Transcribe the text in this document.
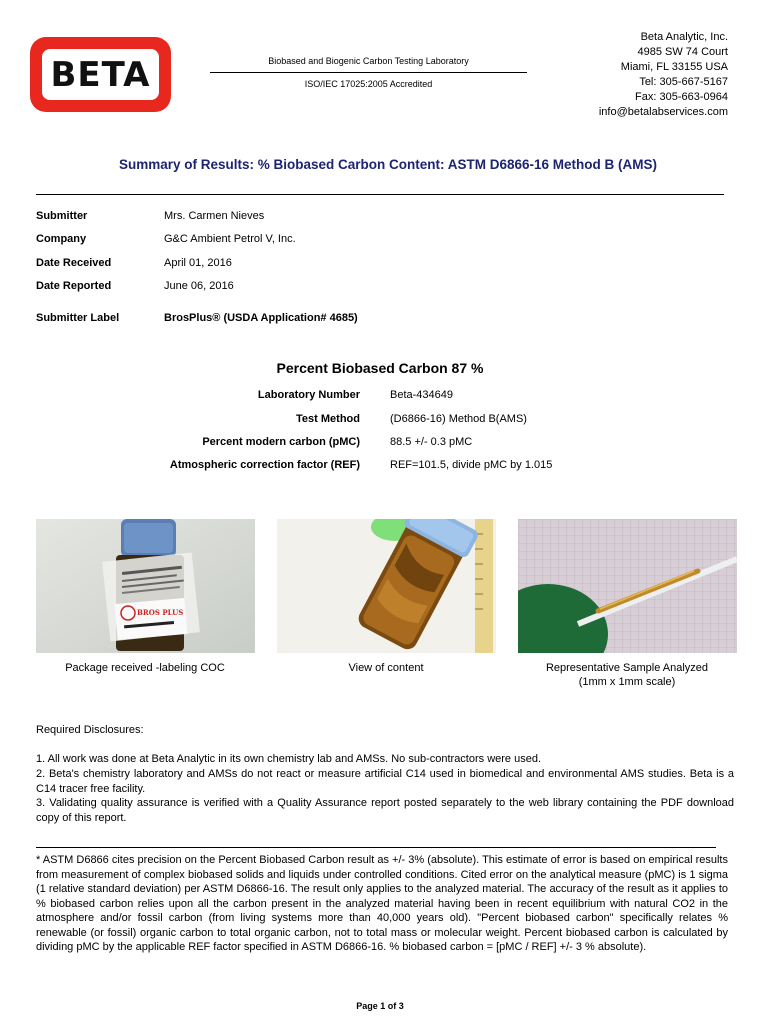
BETA	Biobased and Biogenic Carbon Testing Laboratory
ISO/IEC 17025:2005 Accredited
Beta Analytic, Inc.
4985 SW 74 Court
Miami, FL 33155 USA
Tel: 305-667-5167
Fax: 305-663-0964
info@betalabservices.com
Summary of Results: % Biobased Carbon Content: ASTM D6866-16 Method B (AMS)
Submitter	Mrs. Carmen Nieves
Company	G&C Ambient Petrol V, Inc.
Date Received	April 01, 2016
Date Reported	June 06, 2016
Submitter Label	BrosPlus® (USDA Application# 4685)
Percent Biobased Carbon 87 %
Laboratory Number	Beta-434649
Test Method	(D6866-16) Method B(AMS)
Percent modern carbon (pMC)	88.5 +/- 0.3 pMC
Atmospheric correction factor (REF)	REF=101.5, divide pMC by 1.015
BROS PLUS
Package received -labeling COC	View of content	Representative Sample Analyzed
(1mm x 1mm scale)
Required Disclosures:
1. All work was done at Beta Analytic in its own chemistry lab and AMSs. No sub-contractors were used.
2. Beta's chemistry laboratory and AMSs do not react or measure artificial C14 used in biomedical and environmental AMS studies. Beta is a C14 tracer free facility.
3. Validating quality assurance is verified with a Quality Assurance report posted separately to the web library containing the PDF download copy of this report.
* ASTM D6866 cites precision on the Percent Biobased Carbon result as +/- 3% (absolute). This estimate of error is based on empirical results from measurement of complex biobased solids and liquids under controlled conditions. Cited error on the analytical measure (pMC) is 1 sigma (1 relative standard deviation) per ASTM D6866-16. The result only applies to the analyzed material. The accuracy of the result as it applies to % biobased carbon relies upon all the carbon present in the analyzed material having been in recent equilibrium with natural CO2 in the atmosphere and/or fossil carbon (from living systems more than 40,000 years old). "Percent biobased carbon" specifically relates % renewable (or fossil) organic carbon to total organic carbon, not to total mass or molecular weight. Percent biobased carbon is calculated by dividing pMC by the applicable REF factor specified in ASTM D6866-16. % biobased carbon = [pMC / REF] +/- 3 % absolute).
Page 1 of 3
